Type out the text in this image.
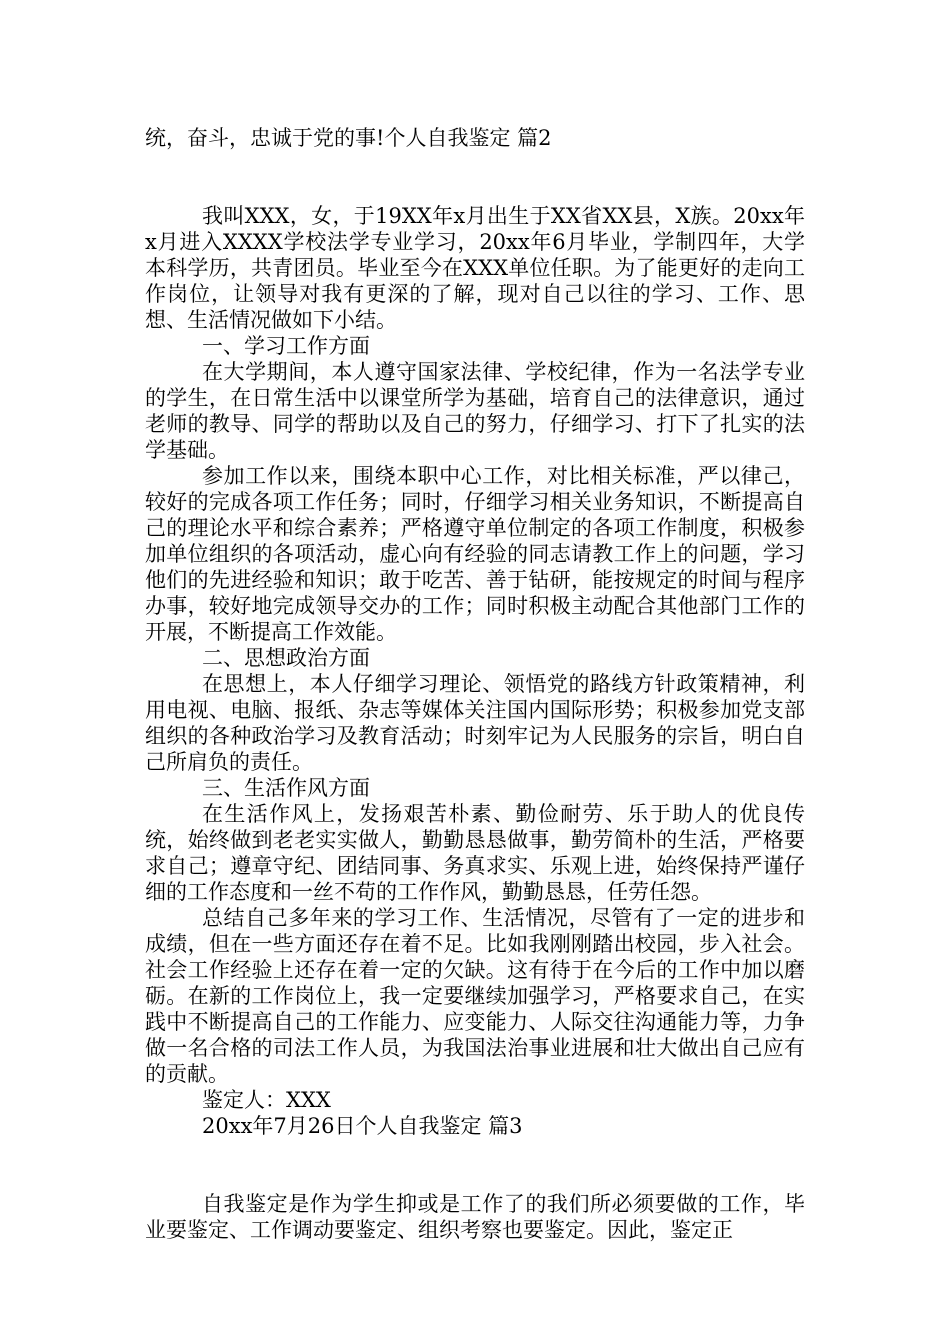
统，奋斗，忠诚于党的事!个人自我鉴定 篇2

我叫XXX，女，于19XX年x月出生于XX省XX县，X族。20xx年x月进入XXXX学校法学专业学习，20xx年6月毕业，学制四年，大学本科学历，共青团员。毕业至今在XXX单位任职。为了能更好的走向工作岗位，让领导对我有更深的了解，现对自己以往的学习、工作、思想、生活情况做如下小结。

一、学习工作方面

在大学期间，本人遵守国家法律、学校纪律，作为一名法学专业的学生，在日常生活中以课堂所学为基础，培育自己的法律意识，通过老师的教导、同学的帮助以及自己的努力，仔细学习、打下了扎实的法学基础。

参加工作以来，围绕本职中心工作，对比相关标准，严以律己，较好的完成各项工作任务；同时，仔细学习相关业务知识，不断提高自己的理论水平和综合素养；严格遵守单位制定的各项工作制度，积极参加单位组织的各项活动，虚心向有经验的同志请教工作上的问题，学习他们的先进经验和知识；敢于吃苦、善于钻研，能按规定的时间与程序办事，较好地完成领导交办的工作；同时积极主动配合其他部门工作的开展，不断提高工作效能。

二、思想政治方面

在思想上，本人仔细学习理论、领悟党的路线方针政策精神，利用电视、电脑、报纸、杂志等媒体关注国内国际形势；积极参加党支部组织的各种政治学习及教育活动；时刻牢记为人民服务的宗旨，明白自己所肩负的责任。

三、生活作风方面

在生活作风上，发扬艰苦朴素、勤俭耐劳、乐于助人的优良传统，始终做到老老实实做人，勤勤恳恳做事，勤劳简朴的生活，严格要求自己；遵章守纪、团结同事、务真求实、乐观上进，始终保持严谨仔细的工作态度和一丝不苟的工作作风，勤勤恳恳，任劳任怨。

总结自己多年来的学习工作、生活情况，尽管有了一定的进步和成绩，但在一些方面还存在着不足。比如我刚刚踏出校园，步入社会。社会工作经验上还存在着一定的欠缺。这有待于在今后的工作中加以磨砺。在新的工作岗位上，我一定要继续加强学习，严格要求自己，在实践中不断提高自己的工作能力、应变能力、人际交往沟通能力等，力争做一名合格的司法工作人员，为我国法治事业进展和壮大做出自己应有的贡献。

鉴定人：XXX

20xx年7月26日个人自我鉴定 篇3

自我鉴定是作为学生抑或是工作了的我们所必须要做的工作，毕业要鉴定、工作调动要鉴定、组织考察也要鉴定。因此，鉴定正
